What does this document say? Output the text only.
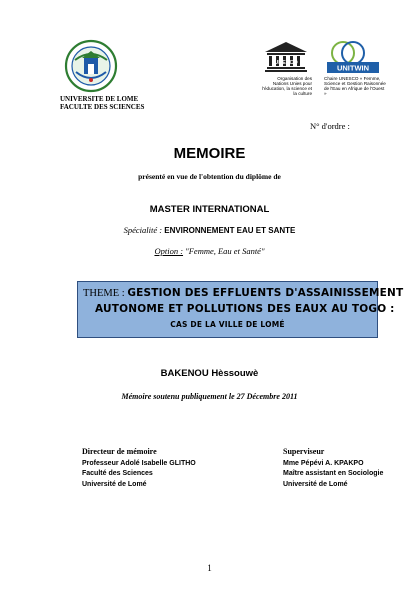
UNIVERSITE DE LOME
FACULTE DES SCIENCES
UNESCO
Organisation des Nations Unies pour l'éducation, la science et la culture
UNITWIN
Chaire UNESCO « Femme, Science et Gestion Raisonnée de l'Eau en Afrique de l'Ouest »
N° d'ordre :
MEMOIRE
présenté en vue de l'obtention du diplôme de
MASTER INTERNATIONAL
Spécialité : ENVIRONNEMENT EAU ET SANTE
Option : "Femme, Eau et Santé"
THEME : GESTION DES EFFLUENTS D'ASSAINISSEMENT
AUTONOME ET POLLUTIONS DES EAUX AU TOGO :
CAS DE LA VILLE DE LOMÉ
BAKENOU Hèssouwè
Mémoire soutenu publiquement le 27 Décembre 2011
Directeur de mémoire
Professeur Adolé Isabelle GLITHO
Faculté des Sciences
Université de Lomé
Superviseur
Mme Pépévi A. KPAKPO
Maître assistant en Sociologie
Université de Lomé
1
